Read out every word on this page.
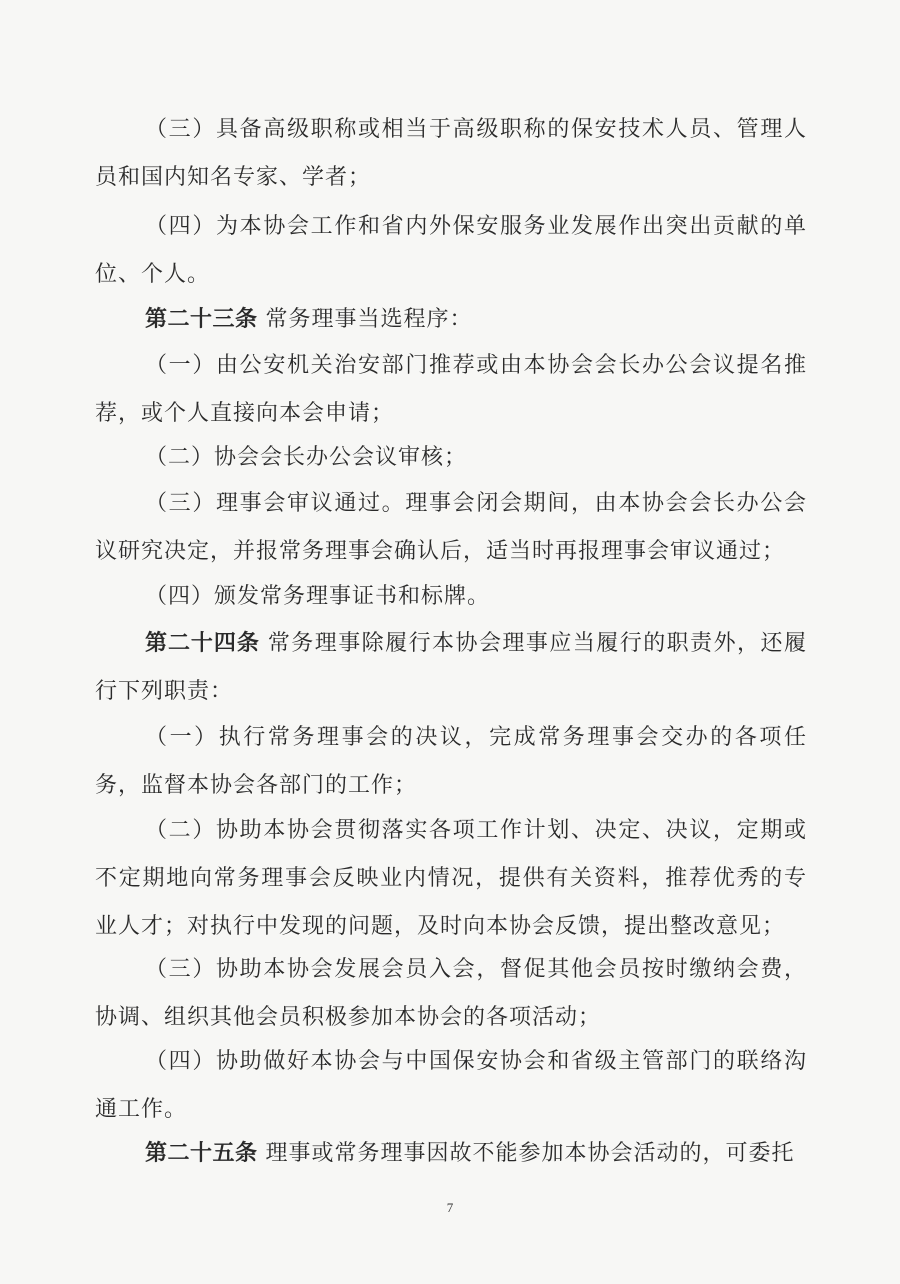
（三）具备高级职称或相当于高级职称的保安技术人员、管理人员和国内知名专家、学者；

（四）为本协会工作和省内外保安服务业发展作出突出贡献的单位、个人。

第二十三条 常务理事当选程序：

（一）由公安机关治安部门推荐或由本协会会长办公会议提名推荐，或个人直接向本会申请；

（二）协会会长办公会议审核；

（三）理事会审议通过。理事会闭会期间，由本协会会长办公会议研究决定，并报常务理事会确认后，适当时再报理事会审议通过；

（四）颁发常务理事证书和标牌。

第二十四条 常务理事除履行本协会理事应当履行的职责外，还履行下列职责：

（一）执行常务理事会的决议，完成常务理事会交办的各项任务，监督本协会各部门的工作；

（二）协助本协会贯彻落实各项工作计划、决定、决议，定期或不定期地向常务理事会反映业内情况，提供有关资料，推荐优秀的专业人才；对执行中发现的问题，及时向本协会反馈，提出整改意见；

（三）协助本协会发展会员入会，督促其他会员按时缴纳会费，协调、组织其他会员积极参加本协会的各项活动；

（四）协助做好本协会与中国保安协会和省级主管部门的联络沟通工作。

第二十五条 理事或常务理事因故不能参加本协会活动的，可委托

7
